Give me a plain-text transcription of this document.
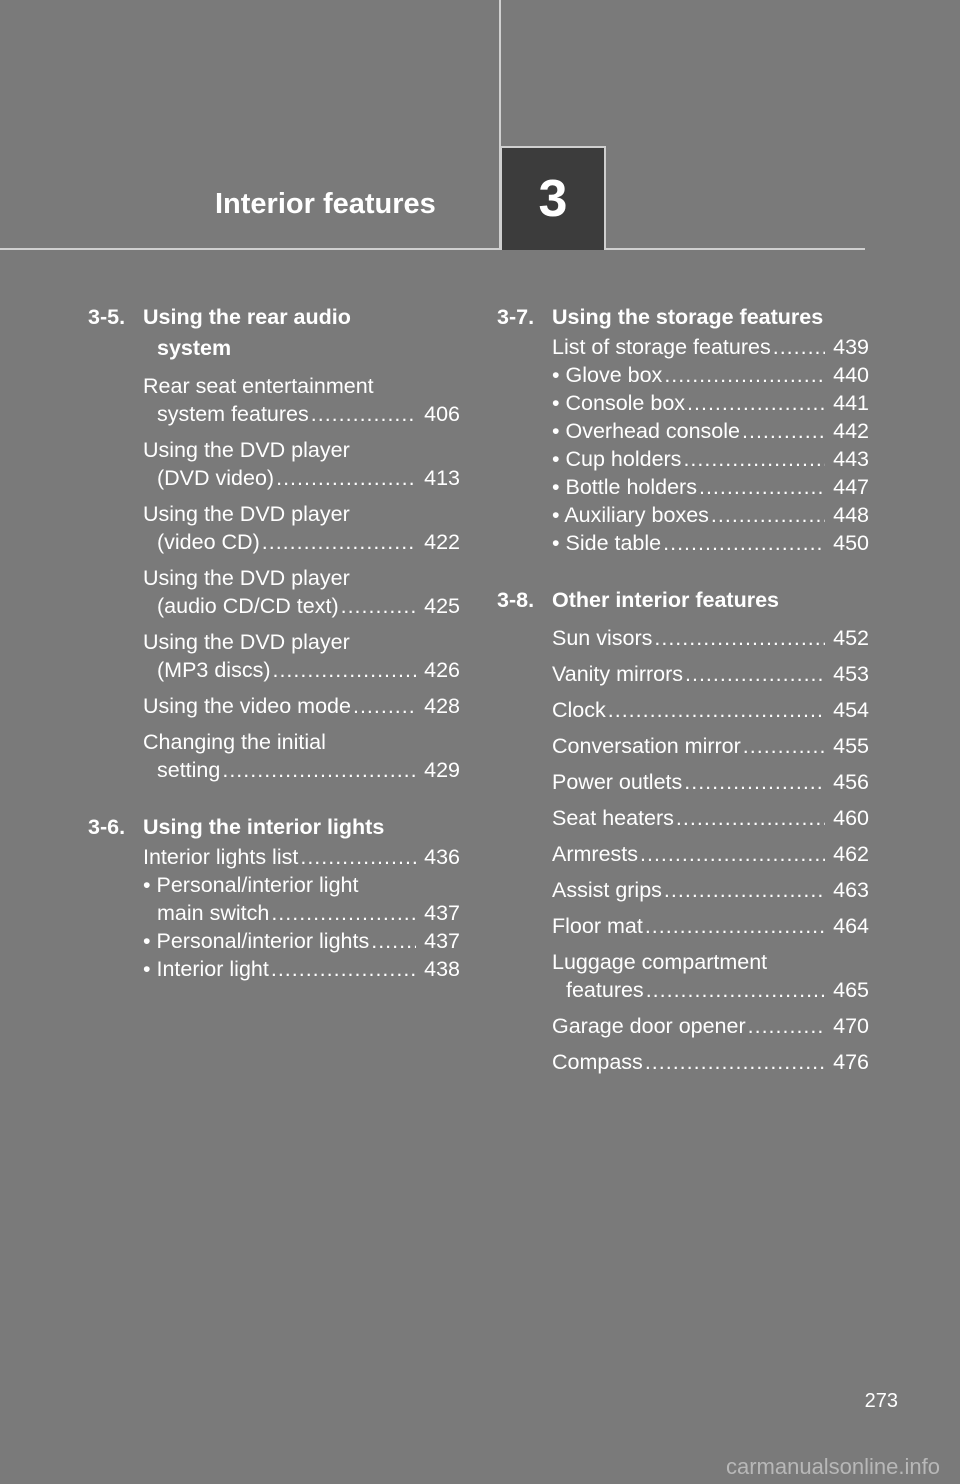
Interior features 3
3-5. Using the rear audio
system
Rear seat entertainment
system features .....	406
Using the DVD player
(DVD video) .....	413
Using the DVD player
(video CD) .....	422
Using the DVD player
(audio CD/CD text) .....	425
Using the DVD player
(MP3 discs) .....	426
Using the video mode .....	428
Changing the initial
setting .....	429
3-6. Using the interior lights
Interior lights list .....	436
• Personal/interior light
main switch .....	437
• Personal/interior lights .....	437
• Interior light .....	438
3-7. Using the storage features
List of storage features .....	439
• Glove box .....	440
• Console box .....	441
• Overhead console .....	442
• Cup holders .....	443
• Bottle holders .....	447
• Auxiliary boxes .....	448
• Side table .....	450
3-8. Other interior features
Sun visors .....	452
Vanity mirrors .....	453
Clock .....	454
Conversation mirror .....	455
Power outlets .....	456
Seat heaters .....	460
Armrests .....	462
Assist grips .....	463
Floor mat .....	464
Luggage compartment
features .....	465
Garage door opener .....	470
Compass .....	476
273
carmanualsonline.info
